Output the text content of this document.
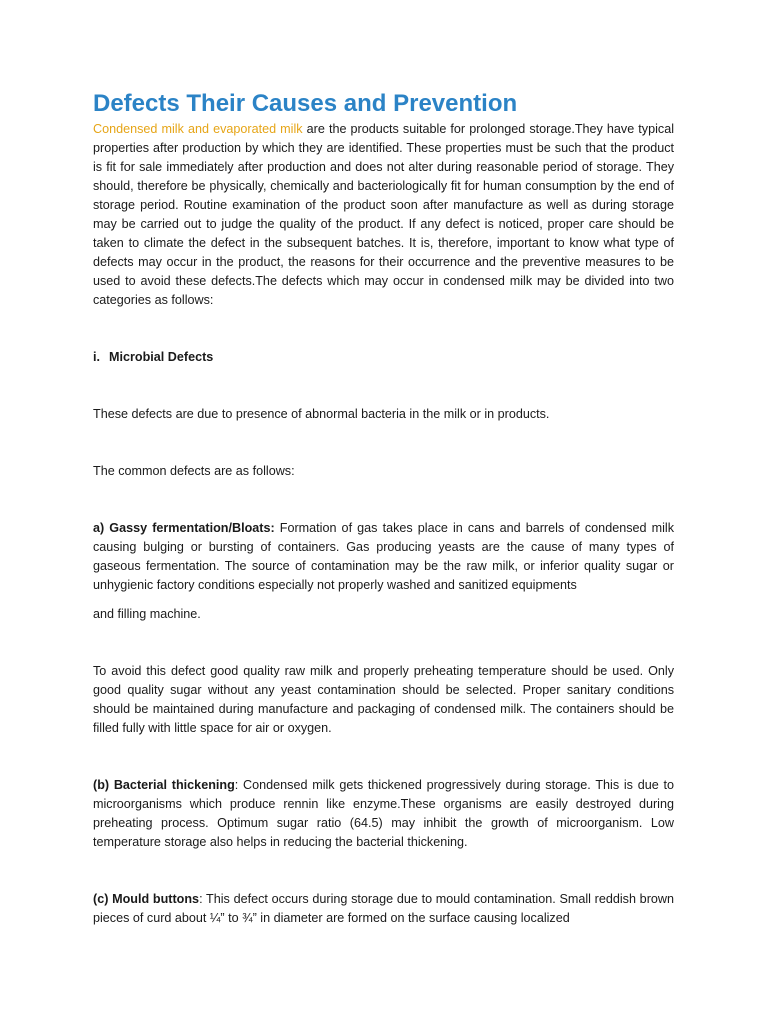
Defects Their Causes and Prevention

Condensed milk and evaporated milk are the products suitable for prolonged storage.They have typical properties after production by which they are identified. These properties must be such that the product is fit for sale immediately after production and does not alter during reasonable period of storage. They should, therefore be physically, chemically and bacteriologically fit for human consumption by the end of storage period. Routine examination of the product soon after manufacture as well as during storage may be carried out to judge the quality of the product. If any defect is noticed, proper care should be taken to climate the defect in the subsequent batches. It is, therefore, important to know what type of defects may occur in the product, the reasons for their occurrence and the preventive measures to be used to avoid these defects.The defects which may occur in condensed milk may be divided into two categories as follows:

i. Microbial Defects

These defects are due to presence of abnormal bacteria in the milk or in products.

The common defects are as follows:

a) Gassy fermentation/Bloats: Formation of gas takes place in cans and barrels of condensed milk causing bulging or bursting of containers. Gas producing yeasts are the cause of many types of gaseous fermentation. The source of contamination may be the raw milk, or inferior quality sugar or unhygienic factory conditions especially not properly washed and sanitized equipments

and filling machine.

To avoid this defect good quality raw milk and properly preheating temperature should be used. Only good quality sugar without any yeast contamination should be selected. Proper sanitary conditions should be maintained during manufacture and packaging of condensed milk. The containers should be filled fully with little space for air or oxygen.

(b) Bacterial thickening: Condensed milk gets thickened progressively during storage. This is due to microorganisms which produce rennin like enzyme.These organisms are easily destroyed during preheating process. Optimum sugar ratio (64.5) may inhibit the growth of microorganism. Low temperature storage also helps in reducing the bacterial thickening.

(c) Mould buttons: This defect occurs during storage due to mould contamination. Small reddish brown pieces of curd about ¼” to ¾” in diameter are formed on the surface causing localized
